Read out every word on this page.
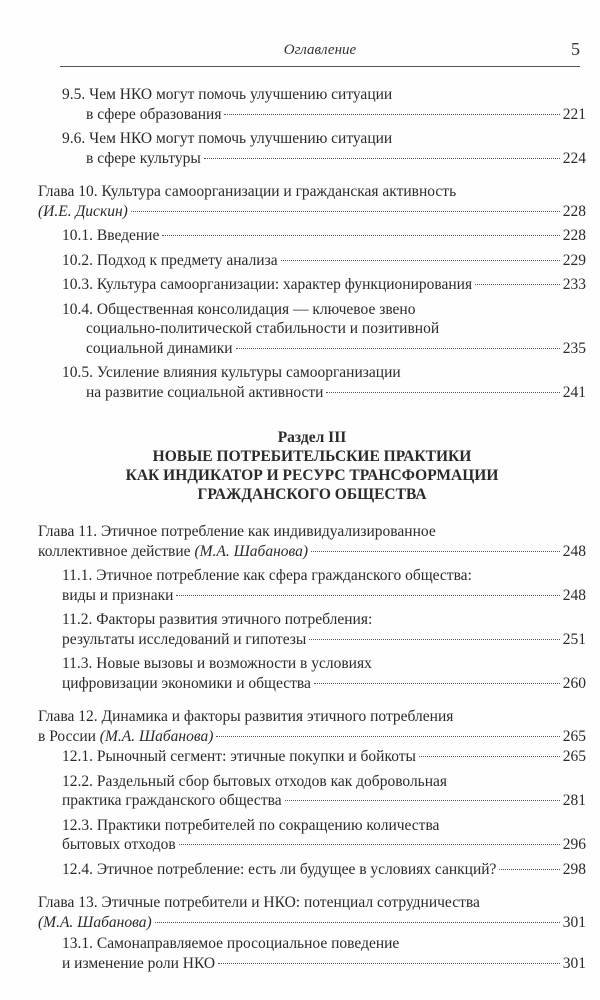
Оглавление	5
9.5. Чем НКО могут помочь улучшению ситуации
в сфере образования	221
9.6. Чем НКО могут помочь улучшению ситуации
в сфере культуры	224
Глава 10. Культура самоорганизации и гражданская активность
(И.Е. Дискин)	228
10.1. Введение	228
10.2. Подход к предмету анализа	229
10.3. Культура самоорганизации: характер функционирования	233
10.4. Общественная консолидация — ключевое звено
социально-политической стабильности и позитивной
социальной динамики	235
10.5. Усиление влияния культуры самоорганизации
на развитие социальной активности	241
Раздел III
НОВЫЕ ПОТРЕБИТЕЛЬСКИЕ ПРАКТИКИ
КАК ИНДИКАТОР И РЕСУРС ТРАНСФОРМАЦИИ
ГРАЖДАНСКОГО ОБЩЕСТВА
Глава 11. Этичное потребление как индивидуализированное
коллективное действие (М.А. Шабанова)	248
11.1. Этичное потребление как сфера гражданского общества:
виды и признаки	248
11.2. Факторы развития этичного потребления:
результаты исследований и гипотезы	251
11.3. Новые вызовы и возможности в условиях
цифровизации экономики и общества	260
Глава 12. Динамика и факторы развития этичного потребления
в России (М.А. Шабанова)	265
12.1. Рыночный сегмент: этичные покупки и бойкоты	265
12.2. Раздельный сбор бытовых отходов как добровольная
практика гражданского общества	281
12.3. Практики потребителей по сокращению количества
бытовых отходов	296
12.4. Этичное потребление: есть ли будущее в условиях санкций?	298
Глава 13. Этичные потребители и НКО: потенциал сотрудничества
(М.А. Шабанова)	301
13.1. Самонаправляемое просоциальное поведение
и изменение роли НКО	301
